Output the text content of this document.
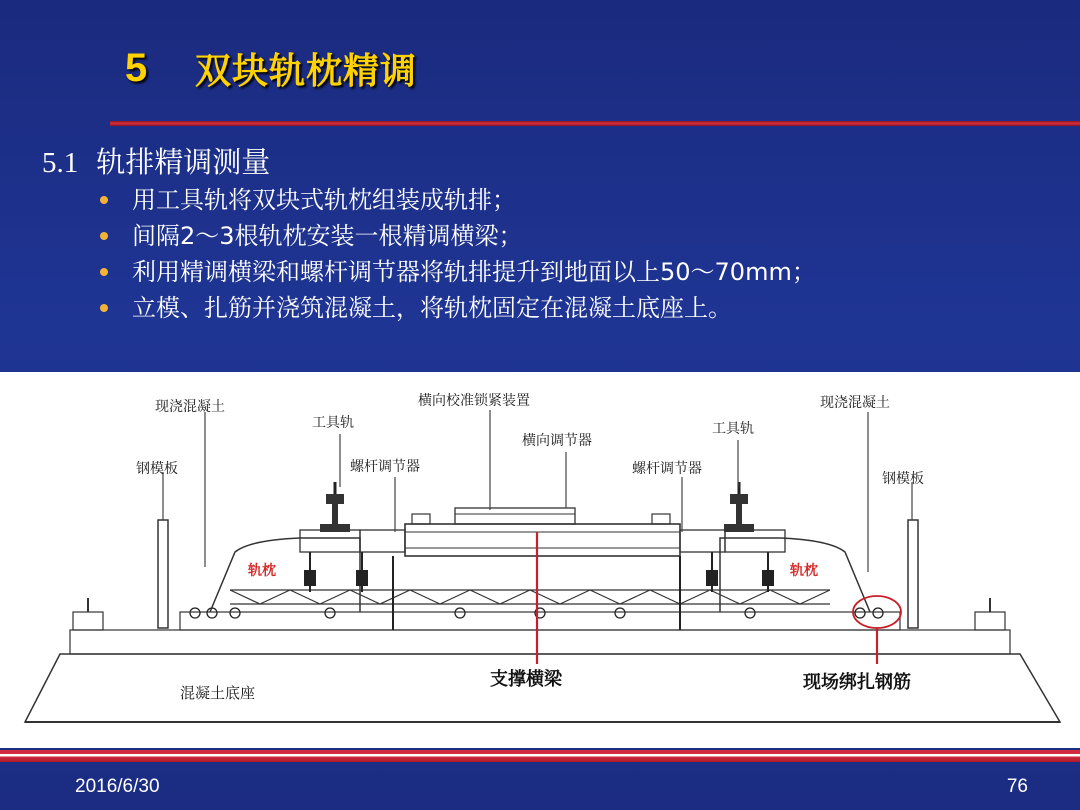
5	双块轨枕精调
5.1 轨排精调测量
用工具轨将双块式轨枕组装成轨排；
间隔2～3根轨枕安装一根精调横梁；
利用精调横梁和螺杆调节器将轨排提升到地面以上50～70mm；
立模、扎筋并浇筑混凝土，将轨枕固定在混凝土底座上。
现浇混凝土
钢模板
工具轨
螺杆调节器
横向校准锁紧装置
横向调节器
螺杆调节器
工具轨
现浇混凝土
钢模板
轨枕	轨枕
支撑横梁	现场绑扎钢筋
混凝土底座
2016/6/30	76
